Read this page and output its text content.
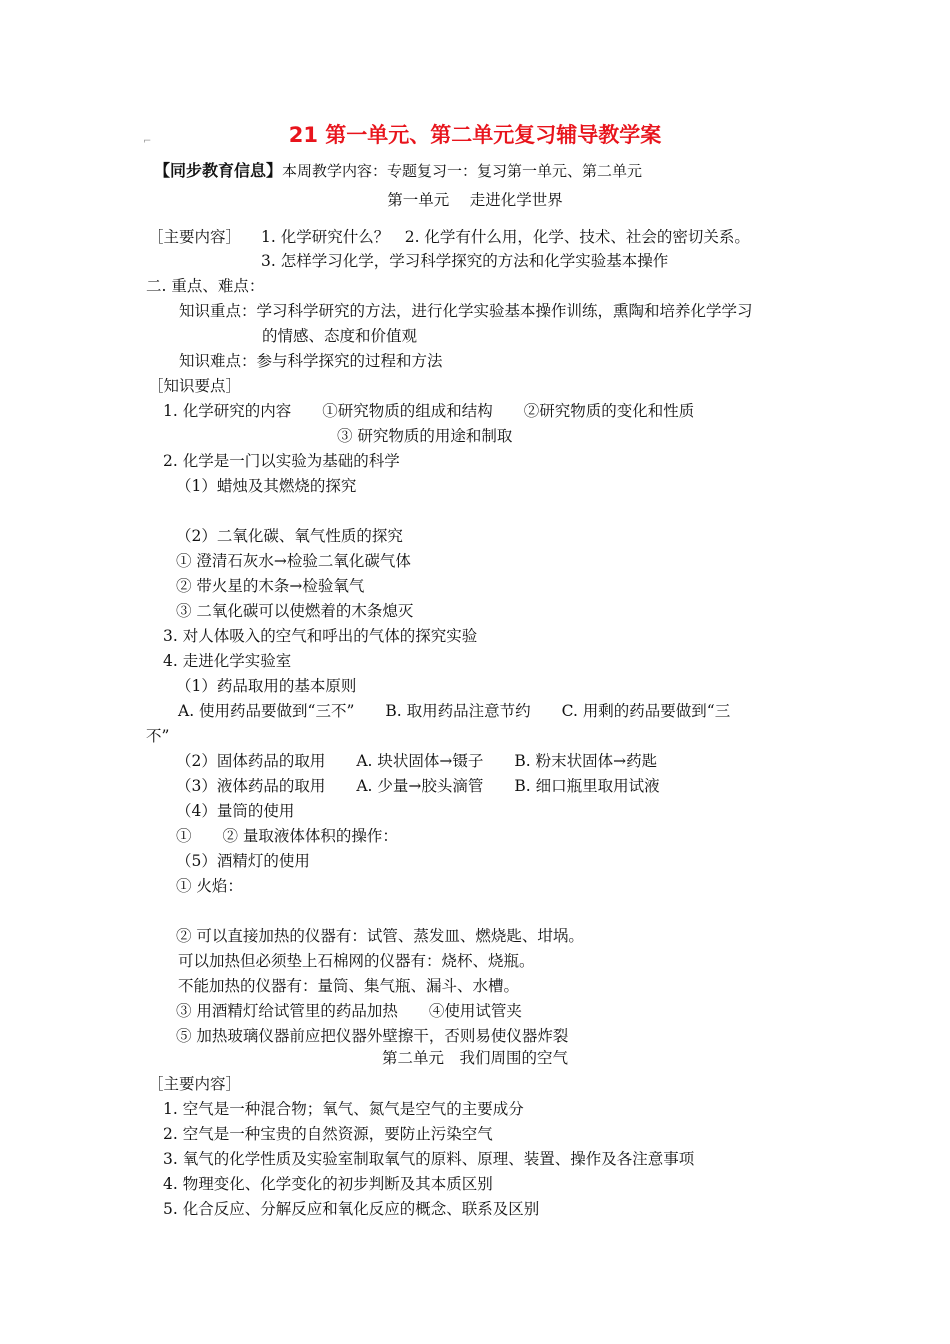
⌐	21 第一单元、第二单元复习辅导教学案
【同步教育信息】本周教学内容：专题复习一：复习第一单元、第二单元
第一单元　 走进化学世界
［主要内容］ 1. 化学研究什么？　2. 化学有什么用，化学、技术、社会的密切关系。
3. 怎样学习化学，学习科学探究的方法和化学实验基本操作
二. 重点、难点：
知识重点：学习科学研究的方法，进行化学实验基本操作训练，熏陶和培养化学学习
的情感、态度和价值观
知识难点：参与科学探究的过程和方法
［知识要点］
1. 化学研究的内容　　①研究物质的组成和结构　　②研究物质的变化和性质
③ 研究物质的用途和制取
2. 化学是一门以实验为基础的科学
（1）蜡烛及其燃烧的探究
（2）二氧化碳、氧气性质的探究
① 澄清石灰水→检验二氧化碳气体
② 带火星的木条→检验氧气
③ 二氧化碳可以使燃着的木条熄灭
3. 对人体吸入的空气和呼出的气体的探究实验
4. 走进化学实验室
（1）药品取用的基本原则
A. 使用药品要做到“三不”　　B. 取用药品注意节约　　C. 用剩的药品要做到“三
不”
（2）固体药品的取用　　A. 块状固体→镊子　　B. 粉末状固体→药匙
（3）液体药品的取用　　A. 少量→胶头滴管　　B. 细口瓶里取用试液
（4）量筒的使用
①　　② 量取液体体积的操作：
（5）酒精灯的使用
① 火焰：
② 可以直接加热的仪器有：试管、蒸发皿、燃烧匙、坩埚。
可以加热但必须垫上石棉网的仪器有：烧杯、烧瓶。
不能加热的仪器有：量筒、集气瓶、漏斗、水槽。
③ 用酒精灯给试管里的药品加热　　④使用试管夹
⑤ 加热玻璃仪器前应把仪器外壁擦干，否则易使仪器炸裂
第二单元　我们周围的空气
［主要内容］
1. 空气是一种混合物；氧气、氮气是空气的主要成分
2. 空气是一种宝贵的自然资源，要防止污染空气
3. 氧气的化学性质及实验室制取氧气的原料、原理、装置、操作及各注意事项
4. 物理变化、化学变化的初步判断及其本质区别
5. 化合反应、分解反应和氧化反应的概念、联系及区别
